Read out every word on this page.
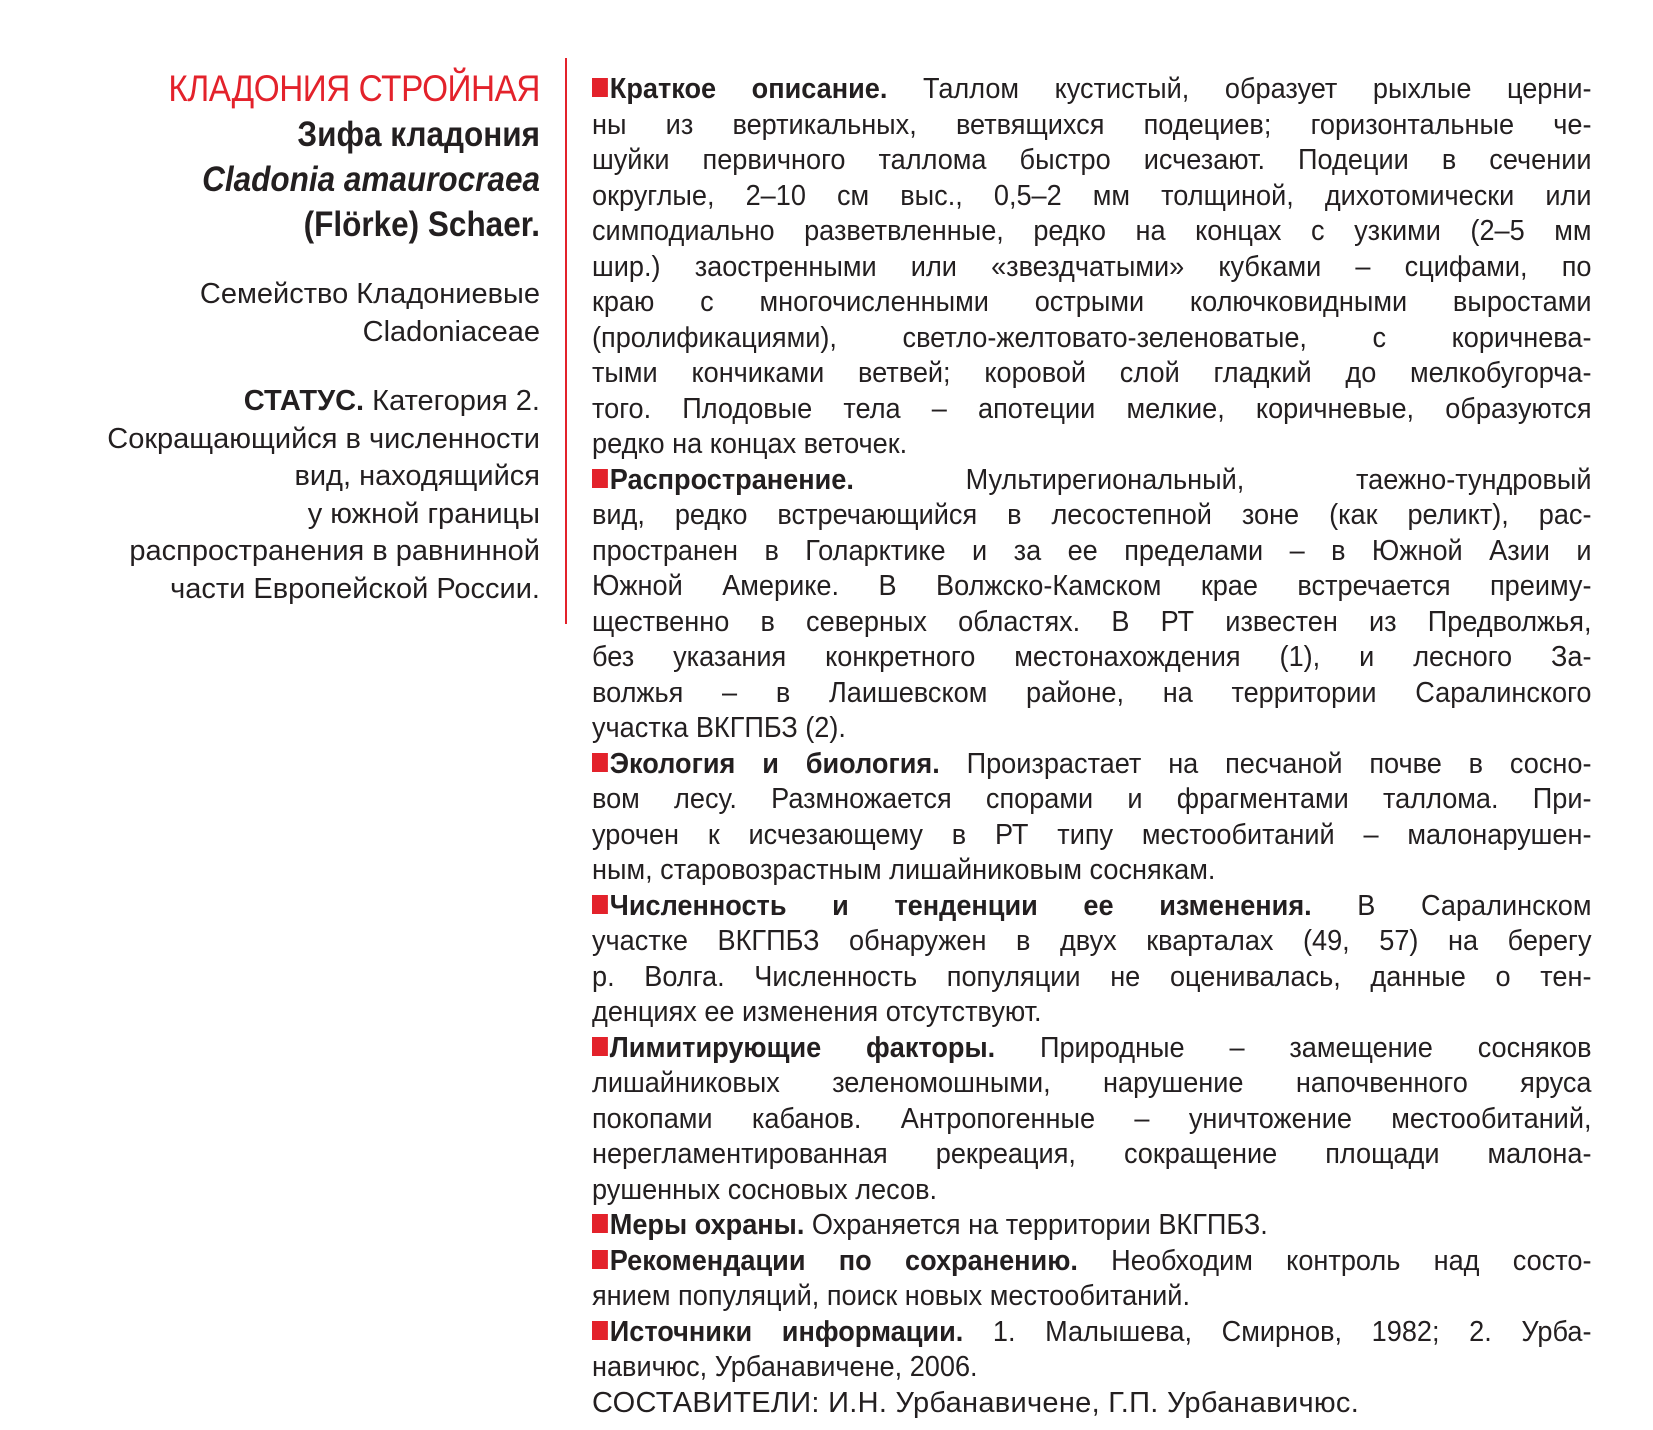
КЛАДОНИЯ СТРОЙНАЯ
Зифа кладония
Cladonia amaurocraea
(Flörke) Schaer.
Семейство Кладониевые
Cladoniaceae
СТАТУС. Категория 2.
Сокращающийся в численности
вид, находящийся
у южной границы
распространения в равнинной
части Европейской России.
Краткое описание. Таллом кустистый, образует рыхлые церни-
ны из вертикальных, ветвящихся подециев; горизонтальные че-
шуйки первичного таллома быстро исчезают. Подеции в сечении
округлые, 2–10 см выс., 0,5–2 мм толщиной, дихотомически или
симподиально разветвленные, редко на концах с узкими (2–5 мм
шир.) заостренными или «звездчатыми» кубками – сцифами, по
краю с многочисленными острыми колючковидными выростами
(пролификациями), светло-желтовато-зеленоватые, с коричнева-
тыми кончиками ветвей; коровой слой гладкий до мелкобугорча-
того. Плодовые тела – апотеции мелкие, коричневые, образуются
редко на концах веточек.
Распространение. Мультирегиональный, таежно-тундровый
вид, редко встречающийся в лесостепной зоне (как реликт), рас-
пространен в Голарктике и за ее пределами – в Южной Азии и
Южной Америке. В Волжско-Камском крае встречается преиму-
щественно в северных областях. В РТ известен из Предволжья,
без указания конкретного местонахождения (1), и лесного За-
волжья – в Лаишевском районе, на территории Саралинского
участка ВКГПБЗ (2).
Экология и биология. Произрастает на песчаной почве в сосно-
вом лесу. Размножается спорами и фрагментами таллома. При-
урочен к исчезающему в РТ типу местообитаний – малонарушен-
ным, старовозрастным лишайниковым соснякам.
Численность и тенденции ее изменения. В Саралинском
участке ВКГПБЗ обнаружен в двух кварталах (49, 57) на берегу
р. Волга. Численность популяции не оценивалась, данные о тен-
денциях ее изменения отсутствуют.
Лимитирующие факторы. Природные – замещение сосняков
лишайниковых зеленомошными, нарушение напочвенного яруса
покопами кабанов. Антропогенные – уничтожение местообитаний,
нерегламентированная рекреация, сокращение площади малона-
рушенных сосновых лесов.
Меры охраны. Охраняется на территории ВКГПБЗ.
Рекомендации по сохранению. Необходим контроль над состо-
янием популяций, поиск новых местообитаний.
Источники информации. 1. Малышева, Смирнов, 1982; 2. Урба-
навичюс, Урбанавичене, 2006.
СОСТАВИТЕЛИ: И.Н. Урбанавичене, Г.П. Урбанавичюс.
